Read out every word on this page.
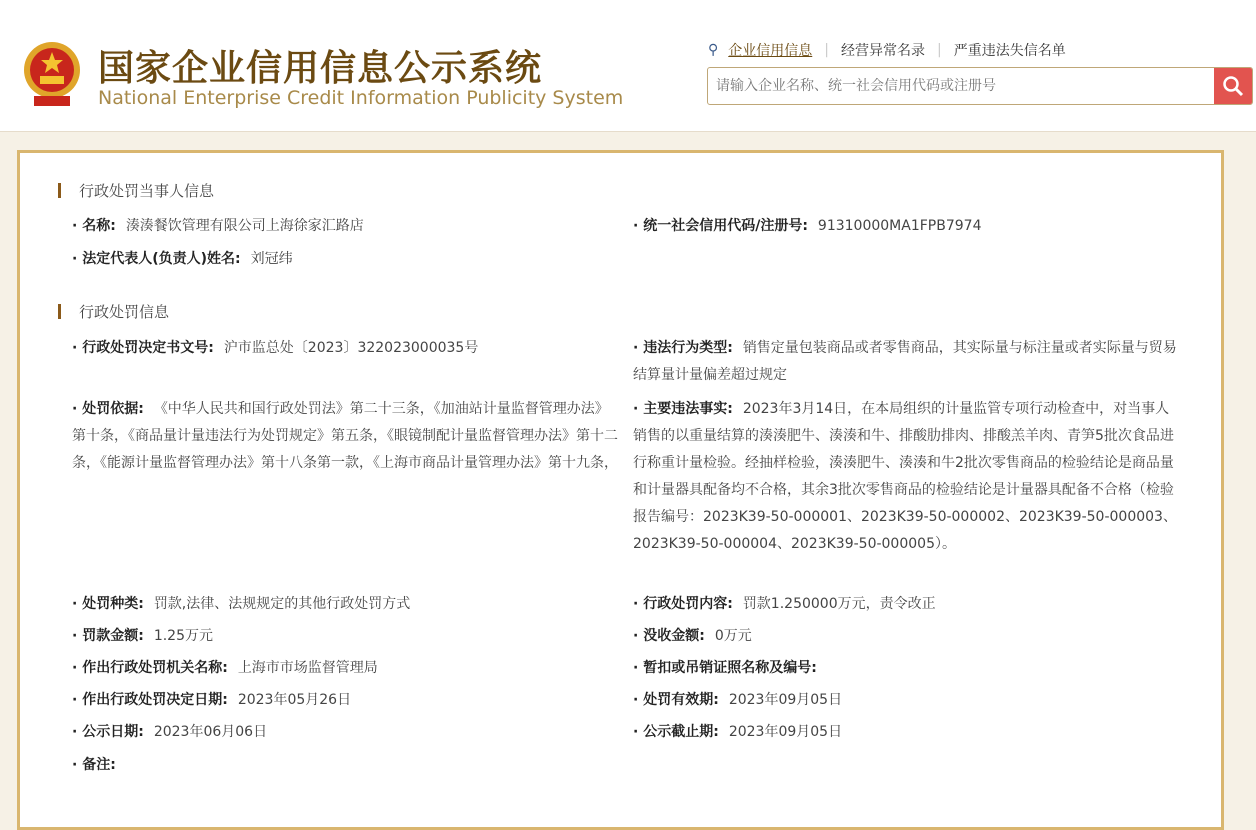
国家企业信用信息公示系统
National Enterprise Credit Information Publicity System
⚲ 企业信用信息 | 经营异常名录 | 严重违法失信名单
请输入企业名称、统一社会信用代码或注册号
行政处罚当事人信息
· 名称: 湊湊餐饮管理有限公司上海徐家汇路店	· 统一社会信用代码/注册号: 91310000MA1FPB7974
· 法定代表人(负责人)姓名: 刘冠纬
行政处罚信息
· 行政处罚决定书文号: 沪市监总处〔2023〕322023000035号	· 违法行为类型: 销售定量包装商品或者零售商品，其实际量与标注量或者实际量与贸易结算量计量偏差超过规定
· 处罚依据: 《中华人民共和国行政处罚法》第二十三条，《加油站计量监督管理办法》第十条，《商品量计量违法行为处罚规定》第五条，《眼镜制配计量监督管理办法》第十二条，《能源计量监督管理办法》第十八条第一款，《上海市商品计量管理办法》第十九条，
· 主要违法事实: 2023年3月14日，在本局组织的计量监管专项行动检查中，对当事人销售的以重量结算的湊湊肥牛、湊湊和牛、排酸肋排肉、排酸羔羊肉、青笋5批次食品进行称重计量检验。经抽样检验，湊湊肥牛、湊湊和牛2批次零售商品的检验结论是商品量和计量器具配备均不合格，其余3批次零售商品的检验结论是计量器具配备不合格（检验报告编号：2023K39-50-000001、2023K39-50-000002、2023K39-50-000003、2023K39-50-000004、2023K39-50-000005）。
· 处罚种类: 罚款,法律、法规规定的其他行政处罚方式	· 行政处罚内容: 罚款1.250000万元，责令改正
· 罚款金额: 1.25万元	· 没收金额: 0万元
· 作出行政处罚机关名称: 上海市市场监督管理局	· 暂扣或吊销证照名称及编号:
· 作出行政处罚决定日期: 2023年05月26日	· 处罚有效期: 2023年09月05日
· 公示日期: 2023年06月06日	· 公示截止期: 2023年09月05日
· 备注:
